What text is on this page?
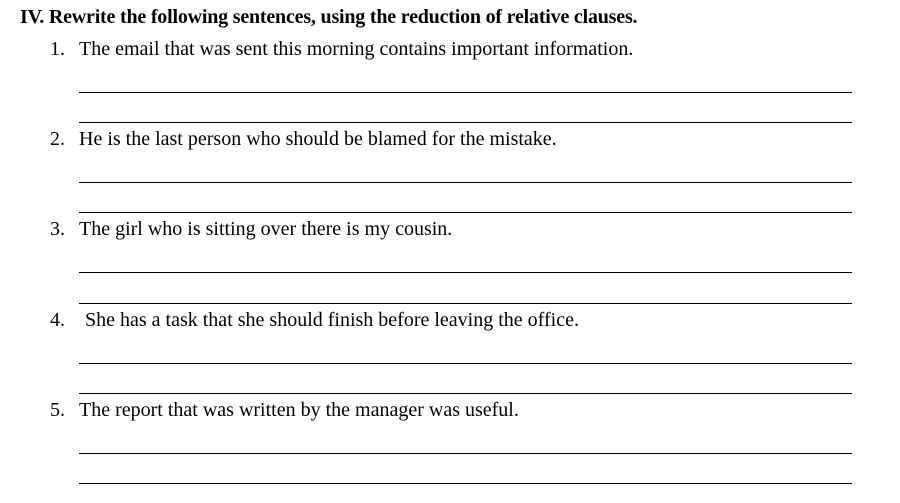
IV. Rewrite the following sentences, using the reduction of relative clauses.
1. The email that was sent this morning contains important information.
2. He is the last person who should be blamed for the mistake.
3. The girl who is sitting over there is my cousin.
4. She has a task that she should finish before leaving the office.
5. The report that was written by the manager was useful.
